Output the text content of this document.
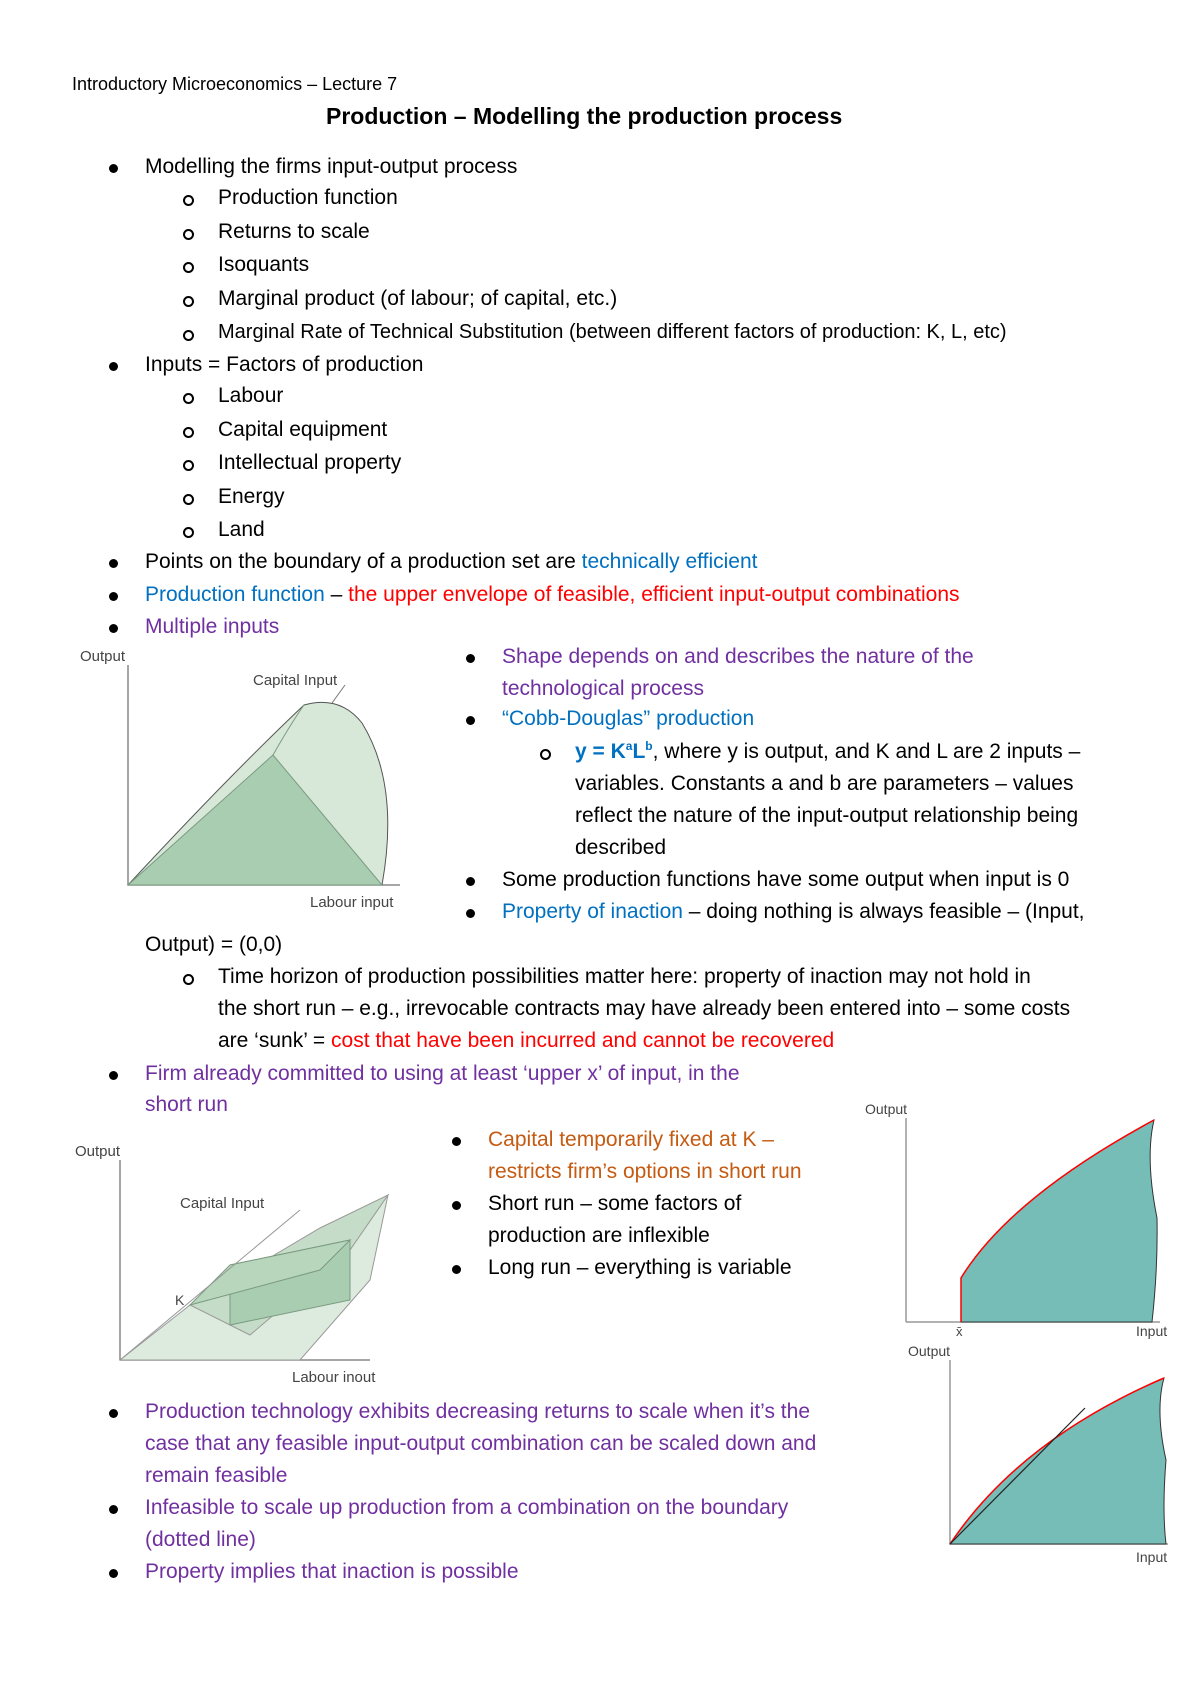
Introductory Microeconomics – Lecture 7
Production – Modelling the production process
Modelling the firms input-output process
Production function
Returns to scale
Isoquants
Marginal product (of labour; of capital, etc.)
Marginal Rate of Technical Substitution (between different factors of production: K, L, etc)
Inputs = Factors of production
Labour
Capital equipment
Intellectual property
Energy
Land
Points on the boundary of a production set are technically efficient
Production function – the upper envelope of feasible, efficient input-output combinations
Multiple inputs
Output
Capital Input
Labour input
Shape depends on and describes the nature of the
technological process
“Cobb-Douglas” production
$y = K^aL^b$, where y is output, and K and L are 2 inputs –
variables. Constants a and b are parameters – values
reflect the nature of the input-output relationship being
described
Some production functions have some output when input is 0
Property of inaction – doing nothing is always feasible – (Input,
Output) = (0,0)
Time horizon of production possibilities matter here: property of inaction may not hold in
the short run – e.g., irrevocable contracts may have already been entered into – some costs
are ‘sunk’ = cost that have been incurred and cannot be recovered
Firm already committed to using at least ‘upper x’ of input, in the
short run
Output
Capital Input
K
Labour inout
Capital temporarily fixed at K –
restricts firm’s options in short run
Short run – some factors of
production are inflexible
Long run – everything is variable
Output
x̄	Input
Output
Input
Production technology exhibits decreasing returns to scale when it’s the
case that any feasible input-output combination can be scaled down and
remain feasible
Infeasible to scale up production from a combination on the boundary
(dotted line)
Property implies that inaction is possible
